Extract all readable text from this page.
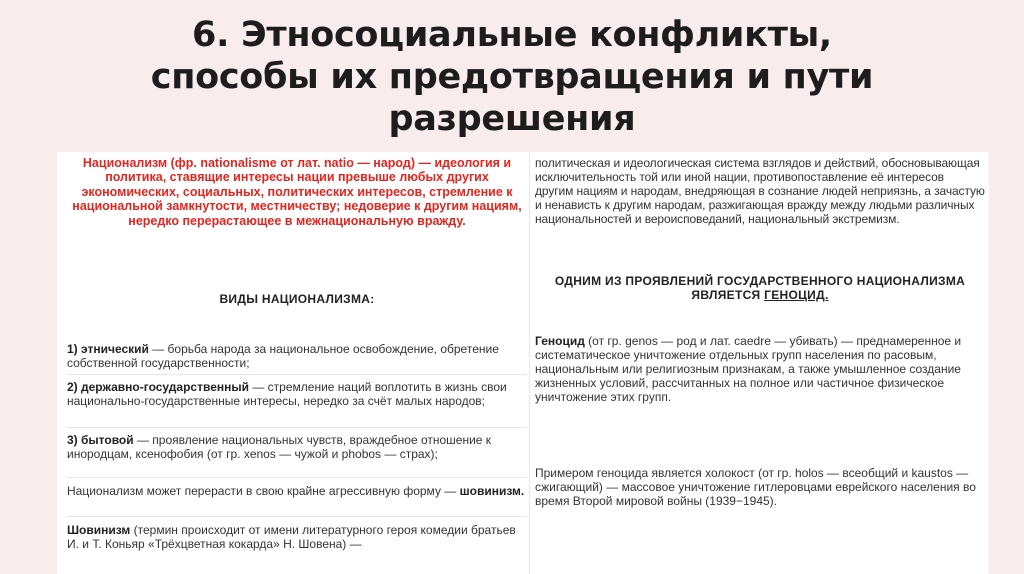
6. Этносоциальные конфликты,
способы их предотвращения и пути
разрешения
Национализм (фр. nationalisme от лат. natio — народ) — идеология и политика, ставящие интересы нации превыше любых других экономических, социальных, политических интересов, стремление к национальной замкнутости, местничеству; недоверие к другим нациям, нередко перерастающее в межнациональную вражду.
ВИДЫ НАЦИОНАЛИЗМА:
1) этнический — борьба народа за национальное освобождение, обретение собственной государственности;
2) державно-государственный — стремление наций воплотить в жизнь свои национально-государственные интересы, нередко за счёт малых народов;
3) бытовой — проявление национальных чувств, враждебное отношение к инородцам, ксенофобия (от гр. xenos — чужой и phobos — страх);
Национализм может перерасти в свою крайне агрессивную форму — шовинизм.
Шовинизм (термин происходит от имени литературного героя комедии братьев И. и Т. Коньяр «Трёхцветная кокарда» Н. Шовена) —
политическая и идеологическая система взглядов и действий, обосновывающая исключительность той или иной нации, противопоставление её интересов другим нациям и народам, внедряющая в сознание людей неприязнь, а зачастую и ненависть к другим народам, разжигающая вражду между людьми различных национальностей и вероисповеданий, национальный экстремизм.
ОДНИМ ИЗ ПРОЯВЛЕНИЙ ГОСУДАРСТВЕННОГО НАЦИОНАЛИЗМА ЯВЛЯЕТСЯ ГЕНОЦИД.
Геноцид (от гр. genos — род и лат. caedre — убивать) — преднамеренное и систематическое уничтожение отдельных групп населения по расовым, национальным или религиозным признакам, а также умышленное создание жизненных условий, рассчитанных на полное или частичное физическое уничтожение этих групп.
Примером геноцида является холокост (от гр. holos — всеобщий и kaustos — сжигающий) — массовое уничтожение гитлеровцами еврейского населения во время Второй мировой войны (1939−1945).
